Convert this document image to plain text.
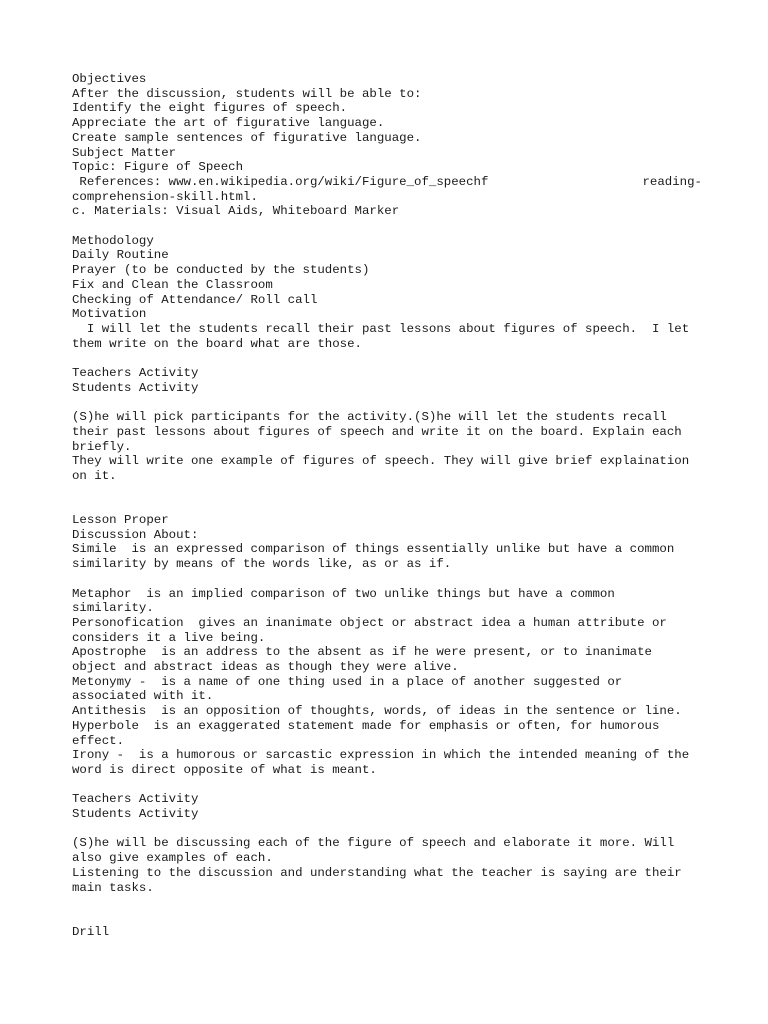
Objectives
After the discussion, students will be able to:
Identify the eight figures of speech.
Appreciate the art of figurative language.
Create sample sentences of figurative language.
Subject Matter
Topic: Figure of Speech
References: www.en.wikipedia.org/wiki/Figure_of_speechf	reading-
comprehension-skill.html.
c. Materials: Visual Aids, Whiteboard Marker
Methodology
Daily Routine
Prayer (to be conducted by the students)
Fix and Clean the Classroom
Checking of Attendance/ Roll call
Motivation
I will let the students recall their past lessons about figures of speech.  I let
them write on the board what are those.
Teachers Activity
Students Activity
(S)he will pick participants for the activity.(S)he will let the students recall
their past lessons about figures of speech and write it on the board. Explain each
briefly.
They will write one example of figures of speech. They will give brief explaination
on it.
Lesson Proper
Discussion About:
Simile  is an expressed comparison of things essentially unlike but have a common
similarity by means of the words like, as or as if.
Metaphor  is an implied comparison of two unlike things but have a common
similarity.
Personofication  gives an inanimate object or abstract idea a human attribute or
considers it a live being.
Apostrophe  is an address to the absent as if he were present, or to inanimate
object and abstract ideas as though they were alive.
Metonymy -  is a name of one thing used in a place of another suggested or
associated with it.
Antithesis  is an opposition of thoughts, words, of ideas in the sentence or line.
Hyperbole  is an exaggerated statement made for emphasis or often, for humorous
effect.
Irony -  is a humorous or sarcastic expression in which the intended meaning of the
word is direct opposite of what is meant.
Teachers Activity
Students Activity
(S)he will be discussing each of the figure of speech and elaborate it more. Will
also give examples of each.
Listening to the discussion and understanding what the teacher is saying are their
main tasks.
Drill
